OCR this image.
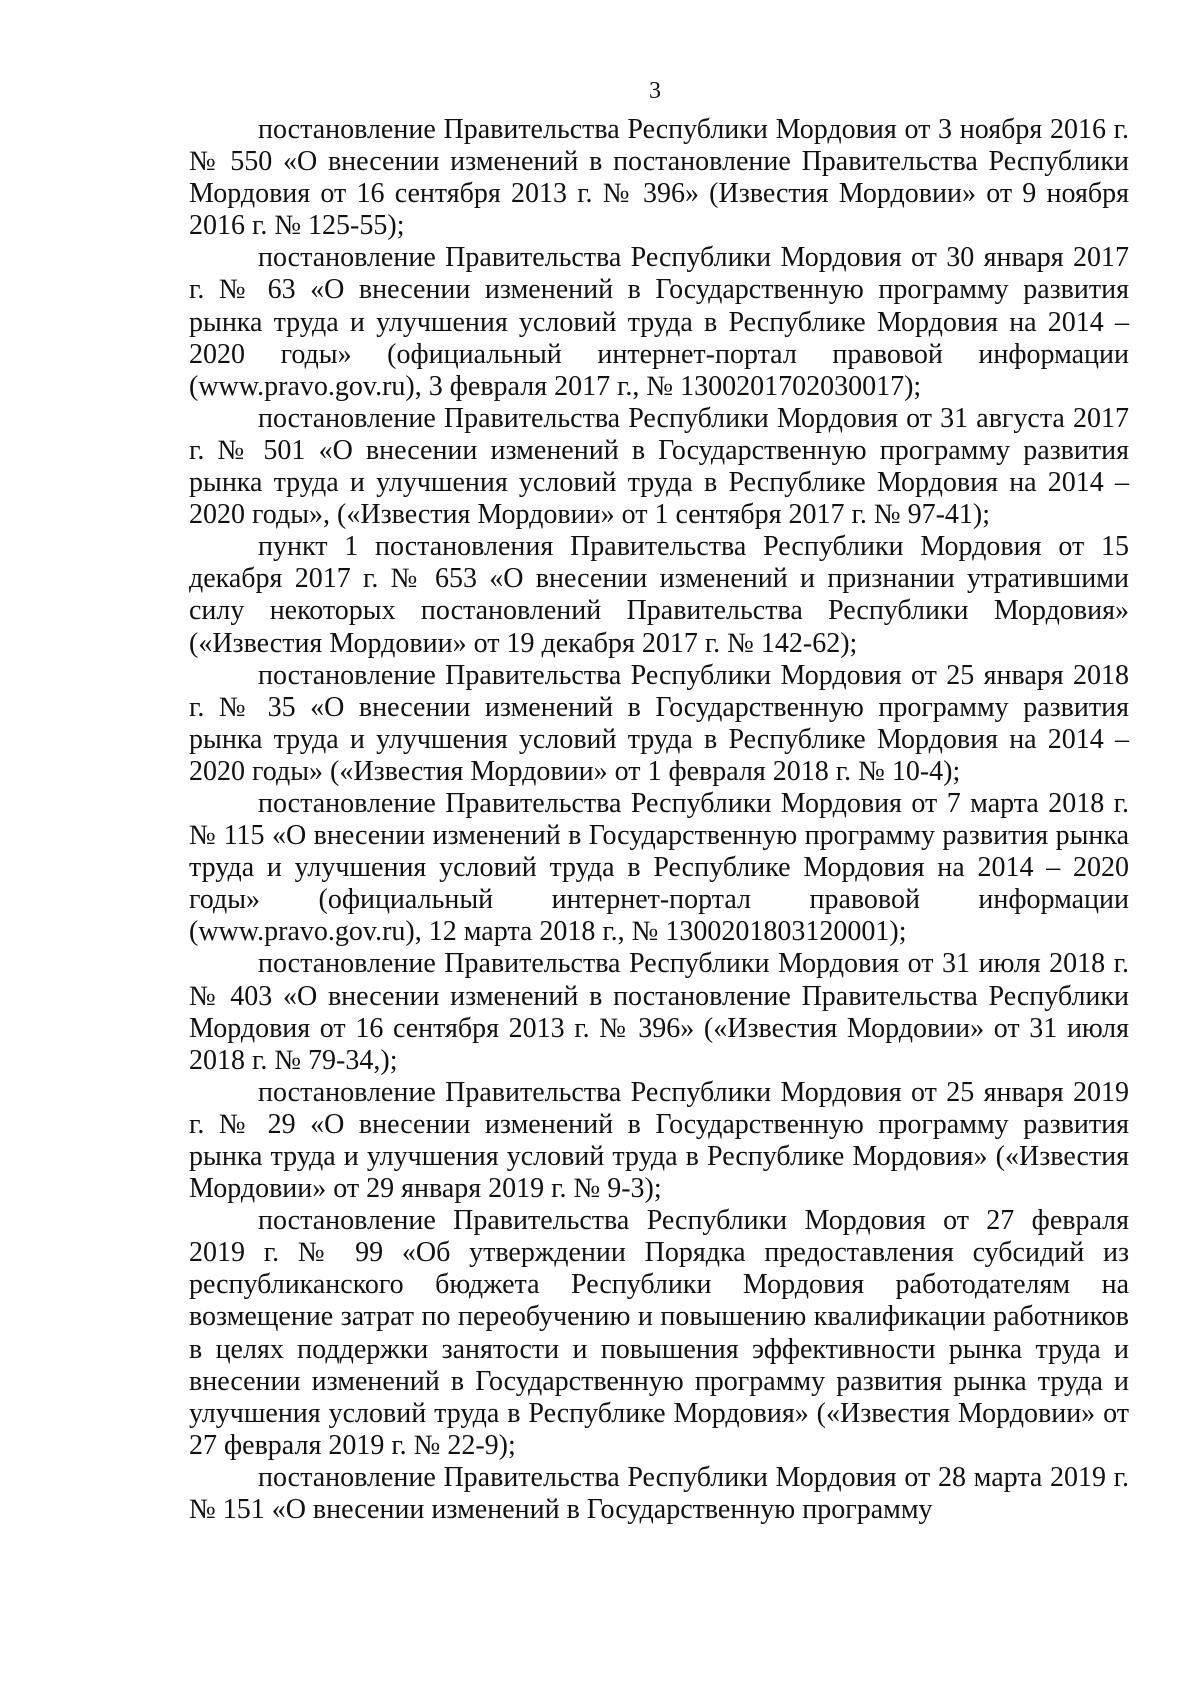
3

постановление Правительства Республики Мордовия от 3 ноября 2016 г. № 550 «О внесении изменений в постановление Правительства Республики Мордовия от 16 сентября 2013 г. № 396» (Известия Мордовии» от 9 ноября 2016 г. № 125-55);

постановление Правительства Республики Мордовия от 30 января 2017 г. № 63 «О внесении изменений в Государственную программу развития рынка труда и улучшения условий труда в Республике Мордовия на 2014 – 2020 годы» (официальный интернет-портал правовой информации (www.pravo.gov.ru), 3 февраля 2017 г., № 1300201702030017);

постановление Правительства Республики Мордовия от 31 августа 2017 г. № 501 «О внесении изменений в Государственную программу развития рынка труда и улучшения условий труда в Республике Мордовия на 2014 – 2020 годы», («Известия Мордовии» от 1 сентября 2017 г. № 97-41);

пункт 1 постановления Правительства Республики Мордовия от 15 декабря 2017 г. № 653 «О внесении изменений и признании утратившими силу некоторых постановлений Правительства Республики Мордовия» («Известия Мордовии» от 19 декабря 2017 г. № 142-62);

постановление Правительства Республики Мордовия от 25 января 2018 г. № 35 «О внесении изменений в Государственную программу развития рынка труда и улучшения условий труда в Республике Мордовия на 2014 – 2020 годы» («Известия Мордовии» от 1 февраля 2018 г. № 10-4);

постановление Правительства Республики Мордовия от 7 марта 2018 г. № 115 «О внесении изменений в Государственную программу развития рынка труда и улучшения условий труда в Республике Мордовия на 2014 – 2020 годы» (официальный интернет-портал правовой информации (www.pravo.gov.ru), 12 марта 2018 г., № 1300201803120001);

постановление Правительства Республики Мордовия от 31 июля 2018 г. № 403 «О внесении изменений в постановление Правительства Республики Мордовия от 16 сентября 2013 г. № 396» («Известия Мордовии» от 31 июля 2018 г. № 79-34,);

постановление Правительства Республики Мордовия от 25 января 2019 г. № 29 «О внесении изменений в Государственную программу развития рынка труда и улучшения условий труда в Республике Мордовия» («Известия Мордовии» от 29 января 2019 г. № 9-3);

постановление Правительства Республики Мордовия от 27 февраля 2019 г. № 99 «Об утверждении Порядка предоставления субсидий из республиканского бюджета Республики Мордовия работодателям на возмещение затрат по переобучению и повышению квалификации работников в целях поддержки занятости и повышения эффективности рынка труда и внесении изменений в Государственную программу развития рынка труда и улучшения условий труда в Республике Мордовия» («Известия Мордовии» от 27 февраля 2019 г. № 22-9);

постановление Правительства Республики Мордовия от 28 марта 2019 г. № 151 «О внесении изменений в Государственную программу
